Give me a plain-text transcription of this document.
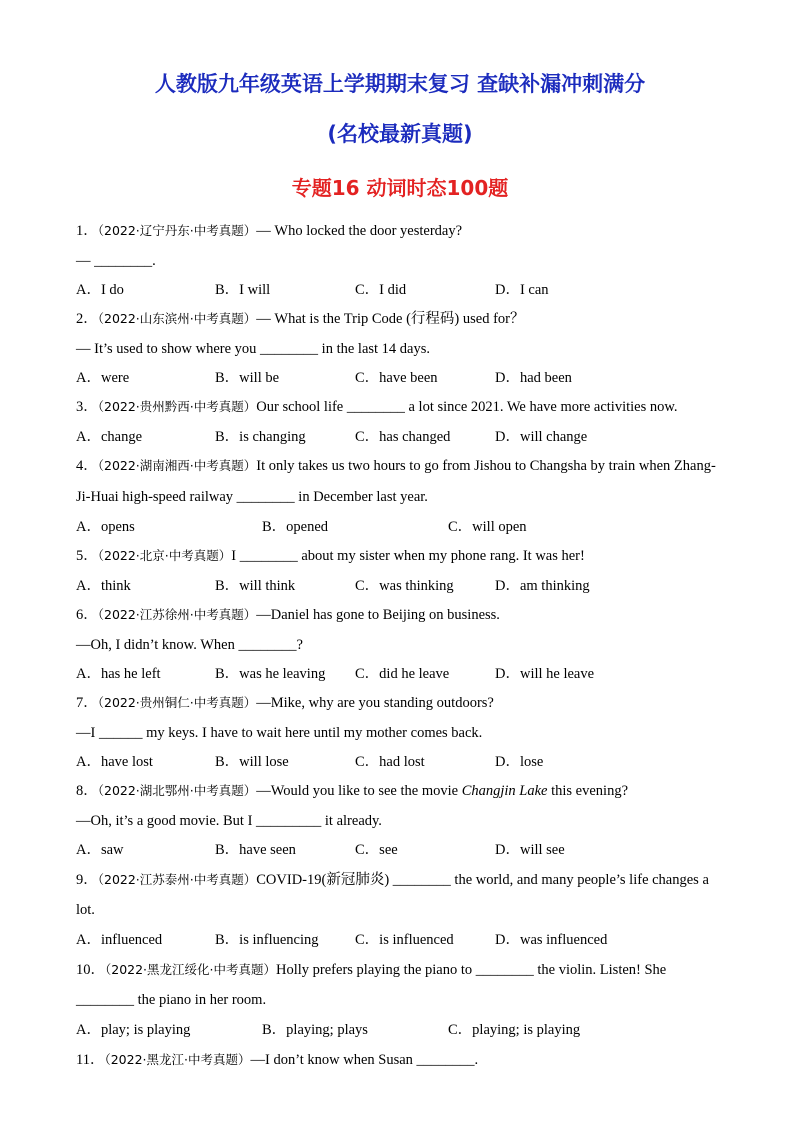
人教版九年级英语上学期期末复习 查缺补漏冲刺满分
(名校最新真题)
专题16 动词时态100题
1．（2022·辽宁丹东·中考真题）— Who locked the door yesterday?
— ________.
A．I do	B．I will	C．I did	D．I can
2．（2022·山东滨州·中考真题）— What is the Trip Code (行程码) used for？
— It’s used to show where you ________ in the last 14 days.
A．were	B．will be	C．have been	D．had been
3．（2022·贵州黔西·中考真题）Our school life ________ a lot since 2021. We have more activities now.
A．change	B．is changing	C．has changed	D．will change
4．（2022·湖南湘西·中考真题）It only takes us two hours to go from Jishou to Changsha by train when Zhang-
Ji-Huai high-speed railway ________ in December last year.
A．opens	B．opened	C．will open
5．（2022·北京·中考真题）I ________ about my sister when my phone rang. It was her!
A．think	B．will think	C．was thinking	D．am thinking
6．（2022·江苏徐州·中考真题）—Daniel has gone to Beijing on business.
—Oh, I didn’t know. When ________?
A．has he left	B．was he leaving C．did he leave	D．will he leave
7．（2022·贵州铜仁·中考真题）—Mike, why are you standing outdoors?
—I ______ my keys. I have to wait here until my mother comes back.
A．have lost	B．will lose	C．had lost	D．lose
8．（2022·湖北鄂州·中考真题）—Would you like to see the movie Changjin Lake this evening?
—Oh, it’s a good movie. But I _________ it already.
A．saw	B．have seen	C．see	D．will see
9．（2022·江苏泰州·中考真题）COVID-19(新冠肺炎) ________ the world, and many people’s life changes a
lot.
A．influenced	B．is influencing	C．is influenced	D．was influenced
10．（2022·黑龙江绥化·中考真题）Holly prefers playing the piano to ________ the violin. Listen! She
________ the piano in her room.
A．play; is playing	B．playing; plays	C．playing; is playing
11．（2022·黑龙江·中考真题）—I don’t know when Susan ________.
